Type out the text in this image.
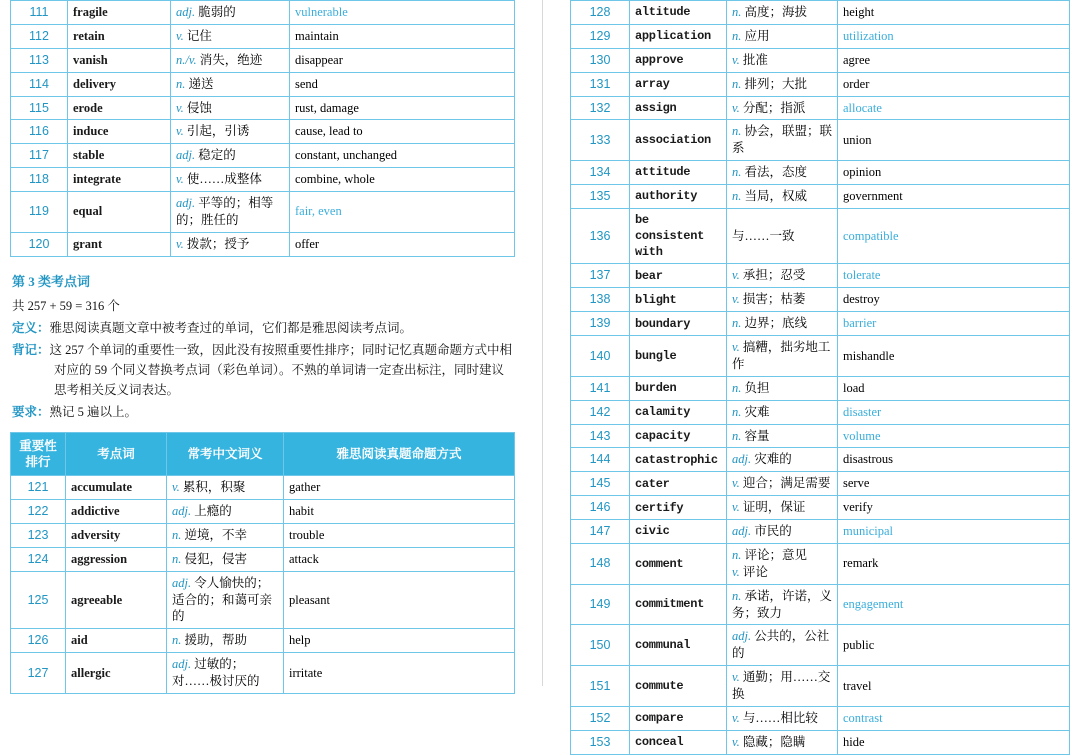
111	fragile	adj. 脆弱的	vulnerable
112	retain	v. 记住	maintain
113	vanish	n./v. 消失，绝迹	disappear
114	delivery	n. 递送	send
115	erode	v. 侵蚀	rust, damage
116	induce	v. 引起，引诱	cause, lead to
117	stable	adj. 稳定的	constant, unchanged
118	integrate	v. 使……成整体	combine, whole
119	equal	adj. 平等的；相等的；胜任的	fair, even
120	grant	v. 拨款；授予	offer
第 3 类考点词
共 257 + 59 = 316 个
定义：雅思阅读真题文章中被考查过的单词，它们都是雅思阅读考点词。
背记：这 257 个单词的重要性一致，因此没有按照重要性排序；同时记忆真题命题方式中相对应的 59 个同义替换考点词（彩色单词）。不熟的单词请一定查出标注，同时建议思考相关反义词表达。
要求：熟记 5 遍以上。
重要性排行	考点词	常考中文词义	雅思阅读真题命题方式
121	accumulate	v. 累积，积聚	gather
122	addictive	adj. 上瘾的	habit
123	adversity	n. 逆境，不幸	trouble
124	aggression	n. 侵犯，侵害	attack
125	agreeable	adj. 令人愉快的；适合的；和蔼可亲的	pleasant
126	aid	n. 援助，帮助	help
127	allergic	adj. 过敏的；对……极讨厌的	irritate
128	altitude	n. 高度；海拔	height
129	application	n. 应用	utilization
130	approve	v. 批准	agree
131	array	n. 排列；大批	order
132	assign	v. 分配；指派	allocate
133	association	n. 协会，联盟；联系	union
134	attitude	n. 看法，态度	opinion
135	authority	n. 当局，权威	government
136	be consistent with	与……一致	compatible
137	bear	v. 承担；忍受	tolerate
138	blight	v. 损害；枯萎	destroy
139	boundary	n. 边界；底线	barrier
140	bungle	v. 搞糟，拙劣地工作	mishandle
141	burden	n. 负担	load
142	calamity	n. 灾难	disaster
143	capacity	n. 容量	volume
144	catastrophic	adj. 灾难的	disastrous
145	cater	v. 迎合；满足需要	serve
146	certify	v. 证明，保证	verify
147	civic	adj. 市民的	municipal
148	comment	n. 评论；意见
v. 评论	remark
149	commitment	n. 承诺，许诺，义务；致力	engagement
150	communal	adj. 公共的，公社的	public
151	commute	v. 通勤；用……交换	travel
152	compare	v. 与……相比较	contrast
153	conceal	v. 隐藏；隐瞒	hide
